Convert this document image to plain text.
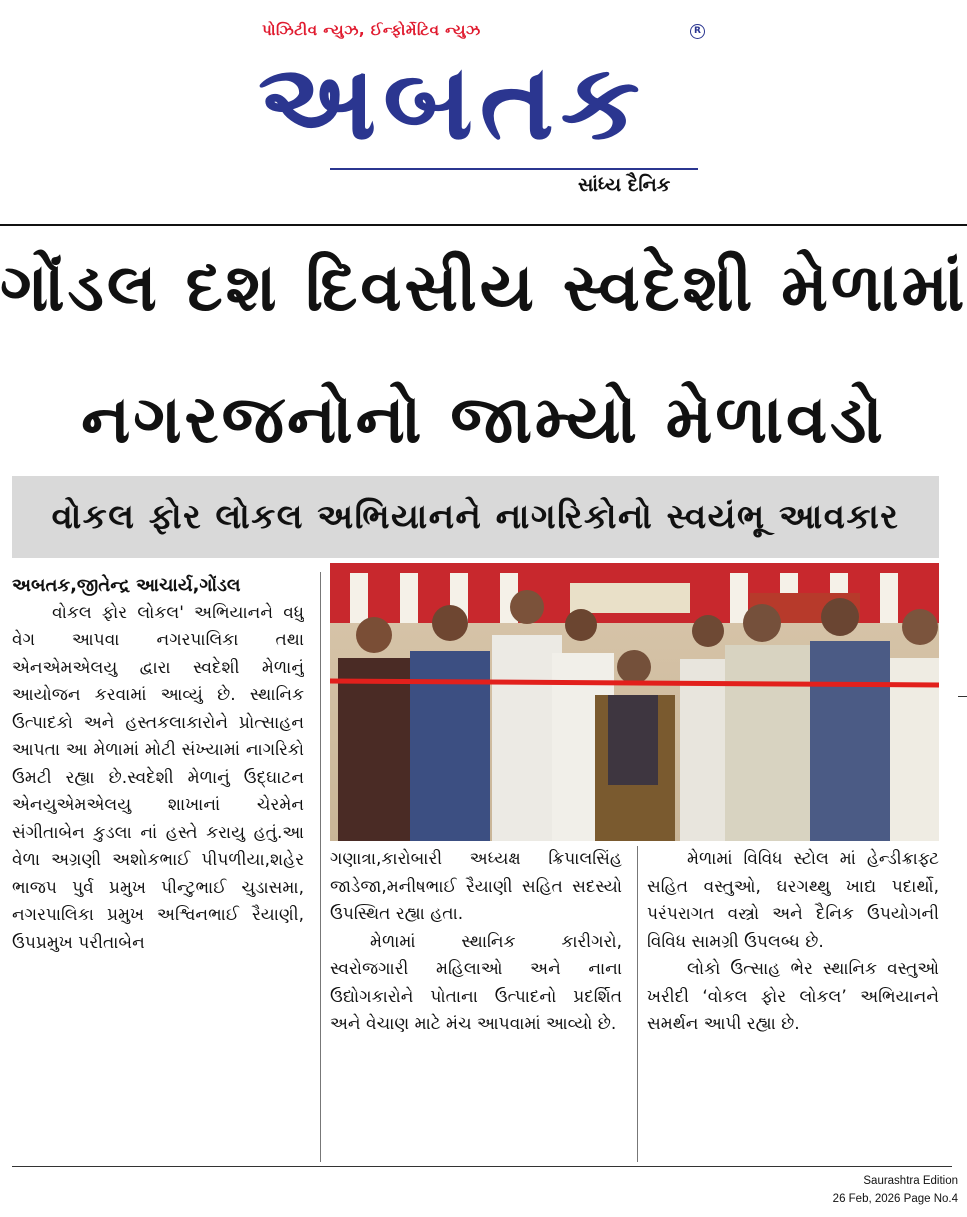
પોઝિટીવ ન્યુઝ, ઈન્ફોર્મેટિવ ન્યુઝ	R
અબતક
સાંધ્ય દૈનિક
ગોંડલ દશ દિવસીય સ્વદેશી મેળામાં
નગરજનોનો જામ્યો મેળાવડો
વોકલ ફોર લોકલ અભિયાનને નાગરિકોનો સ્વયંભૂ આવકાર

અબતક,જીતેન્દ્ર આચાર્ય,ગોંડલ

વોકલ ફોર લોકલ' અભિયાનને વધુ વેગ આપવા નગરપાલિકા તથા એનએમએલયુ દ્વારા સ્વદેશી મેળાનું આયોજન કરવામાં આવ્યું છે. સ્થાનિક ઉત્પાદકો અને હસ્તકલાકારોને પ્રોત્સાહન આપતા આ મેળામાં મોટી સંખ્યામાં નાગરિકો ઉમટી રહ્યા છે.સ્વદેશી મેળાનું ઉદ્ઘાટન એનયુએમએલયુ શાખાનાં ચેરમેન સંગીતાબેન કુડલા નાં હસ્તે કરાયુ હતું.આ વેળા અગ્રણી અશોકભાઈ પીપળીયા,શહેર ભાજપ પુર્વ પ્રમુખ પીન્ટુભાઈ ચુડાસમા, નગરપાલિકા પ્રમુખ અશ્વિનભાઈ રૈયાણી, ઉપપ્રમુખ પરીતાબેન

ગણાત્રા,કારોબારી અધ્યક્ષ ક્રિપાલસિંહ જાડેજા,મનીષભાઈ રૈયાણી સહિત સદસ્યો ઉપસ્થિત રહ્યા હતા.

મેળામાં સ્થાનિક કારીગરો, સ્વરોજગારી મહિલાઓ અને નાના ઉદ્યોગકારોને પોતાના ઉત્પાદનો પ્રદર્શિત અને વેચાણ માટે મંચ આપવામાં આવ્યો છે.

મેળામાં વિવિધ સ્ટોલ માં હેન્ડીક્રાફ્ટ સહિત વસ્તુઓ, ઘરગથ્થુ ખાદ્ય પદાર્થો, પરંપરાગત વસ્ત્રો અને દૈનિક ઉપયોગની વિવિધ સામગ્રી ઉપલબ્ધ છે.

લોકો ઉત્સાહ ભેર સ્થાનિક વસ્તુઓ ખરીદી ‘વોકલ ફોર લોકલ’ અભિયાનને સમર્થન આપી રહ્યા છે.

Saurashtra Edition
26 Feb, 2026 Page No.4
